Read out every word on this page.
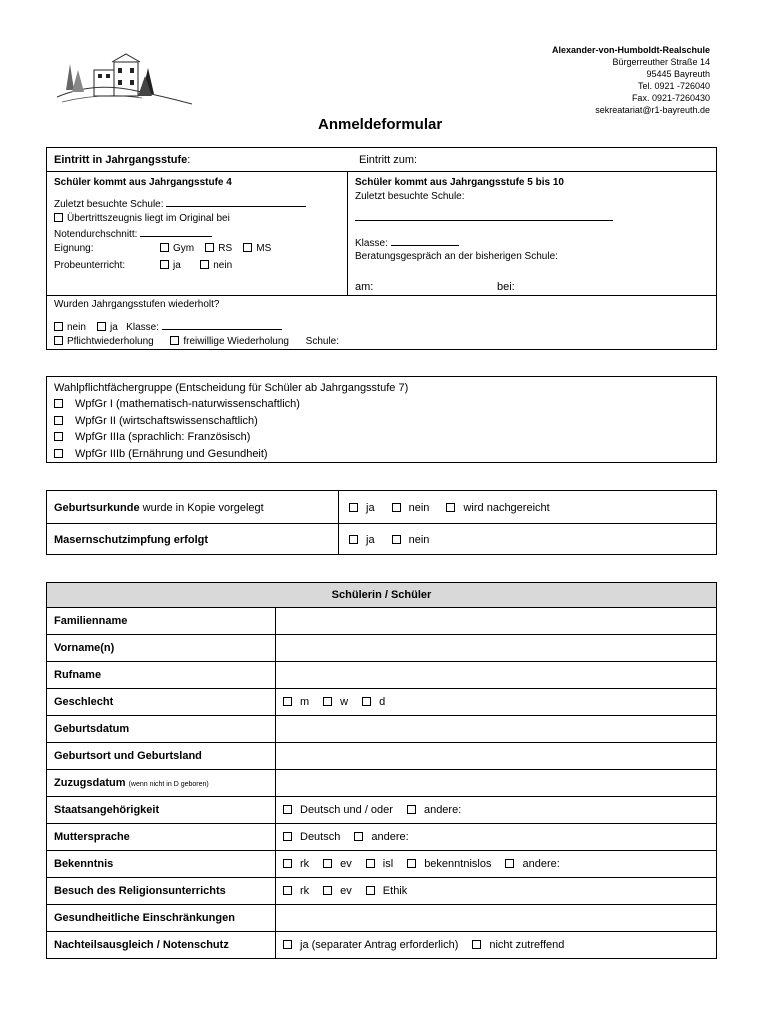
Alexander-von-Humboldt-Realschule
Bürgerreuther Straße 14
95445 Bayreuth
Tel. 0921 -726040
Fax. 0921-7260430
sekreatariat@r1-bayreuth.de
Anmeldeformular
Eintritt in Jahrgangsstufe:	Eintritt zum:
Schüler kommt aus Jahrgangsstufe 4
Zuletzt besuchte Schule:
Übertrittszeugnis liegt im Original bei
Notendurchschnitt:
Eignung:	Gym RS MS
Probeunterricht:	ja	nein
Schüler kommt aus Jahrgangsstufe 5 bis 10
Zuletzt besuchte Schule:
Klasse:
Beratungsgespräch an der bisherigen Schule:
am:	bei:
Wurden Jahrgangsstufen wiederholt?
nein ja Klasse:
Pflichtwiederholung	freiwillige Wiederholung Schule:
Wahlpflichtfächergruppe (Entscheidung für Schüler ab Jahrgangsstufe 7)
WpfGr I (mathematisch-naturwissenschaftlich)
WpfGr II (wirtschaftswissenschaftlich)
WpfGr IIIa (sprachlich: Französisch)
WpfGr IIIb (Ernährung und Gesundheit)
Geburtsurkunde wurde in Kopie vorgelegt	ja	nein	wird nachgereicht
Masernschutzimpfung erfolgt	ja	nein
Schülerin / Schüler	
Familienname	
Vorname(n)	
Rufname	
Geschlecht	m w d
Geburtsdatum	
Geburtsort und Geburtsland	
Zuzugsdatum (wenn nicht in D geboren)	
Staatsangehörigkeit	Deutsch und / oder andere:
Muttersprache	Deutsch andere:
Bekenntnis	rk ev isl bekenntnislos andere:
Besuch des Religionsunterrichts	rk ev Ethik
Gesundheitliche Einschränkungen	
Nachteilsausgleich / Notenschutz	ja (separater Antrag erforderlich) nicht zutreffend
